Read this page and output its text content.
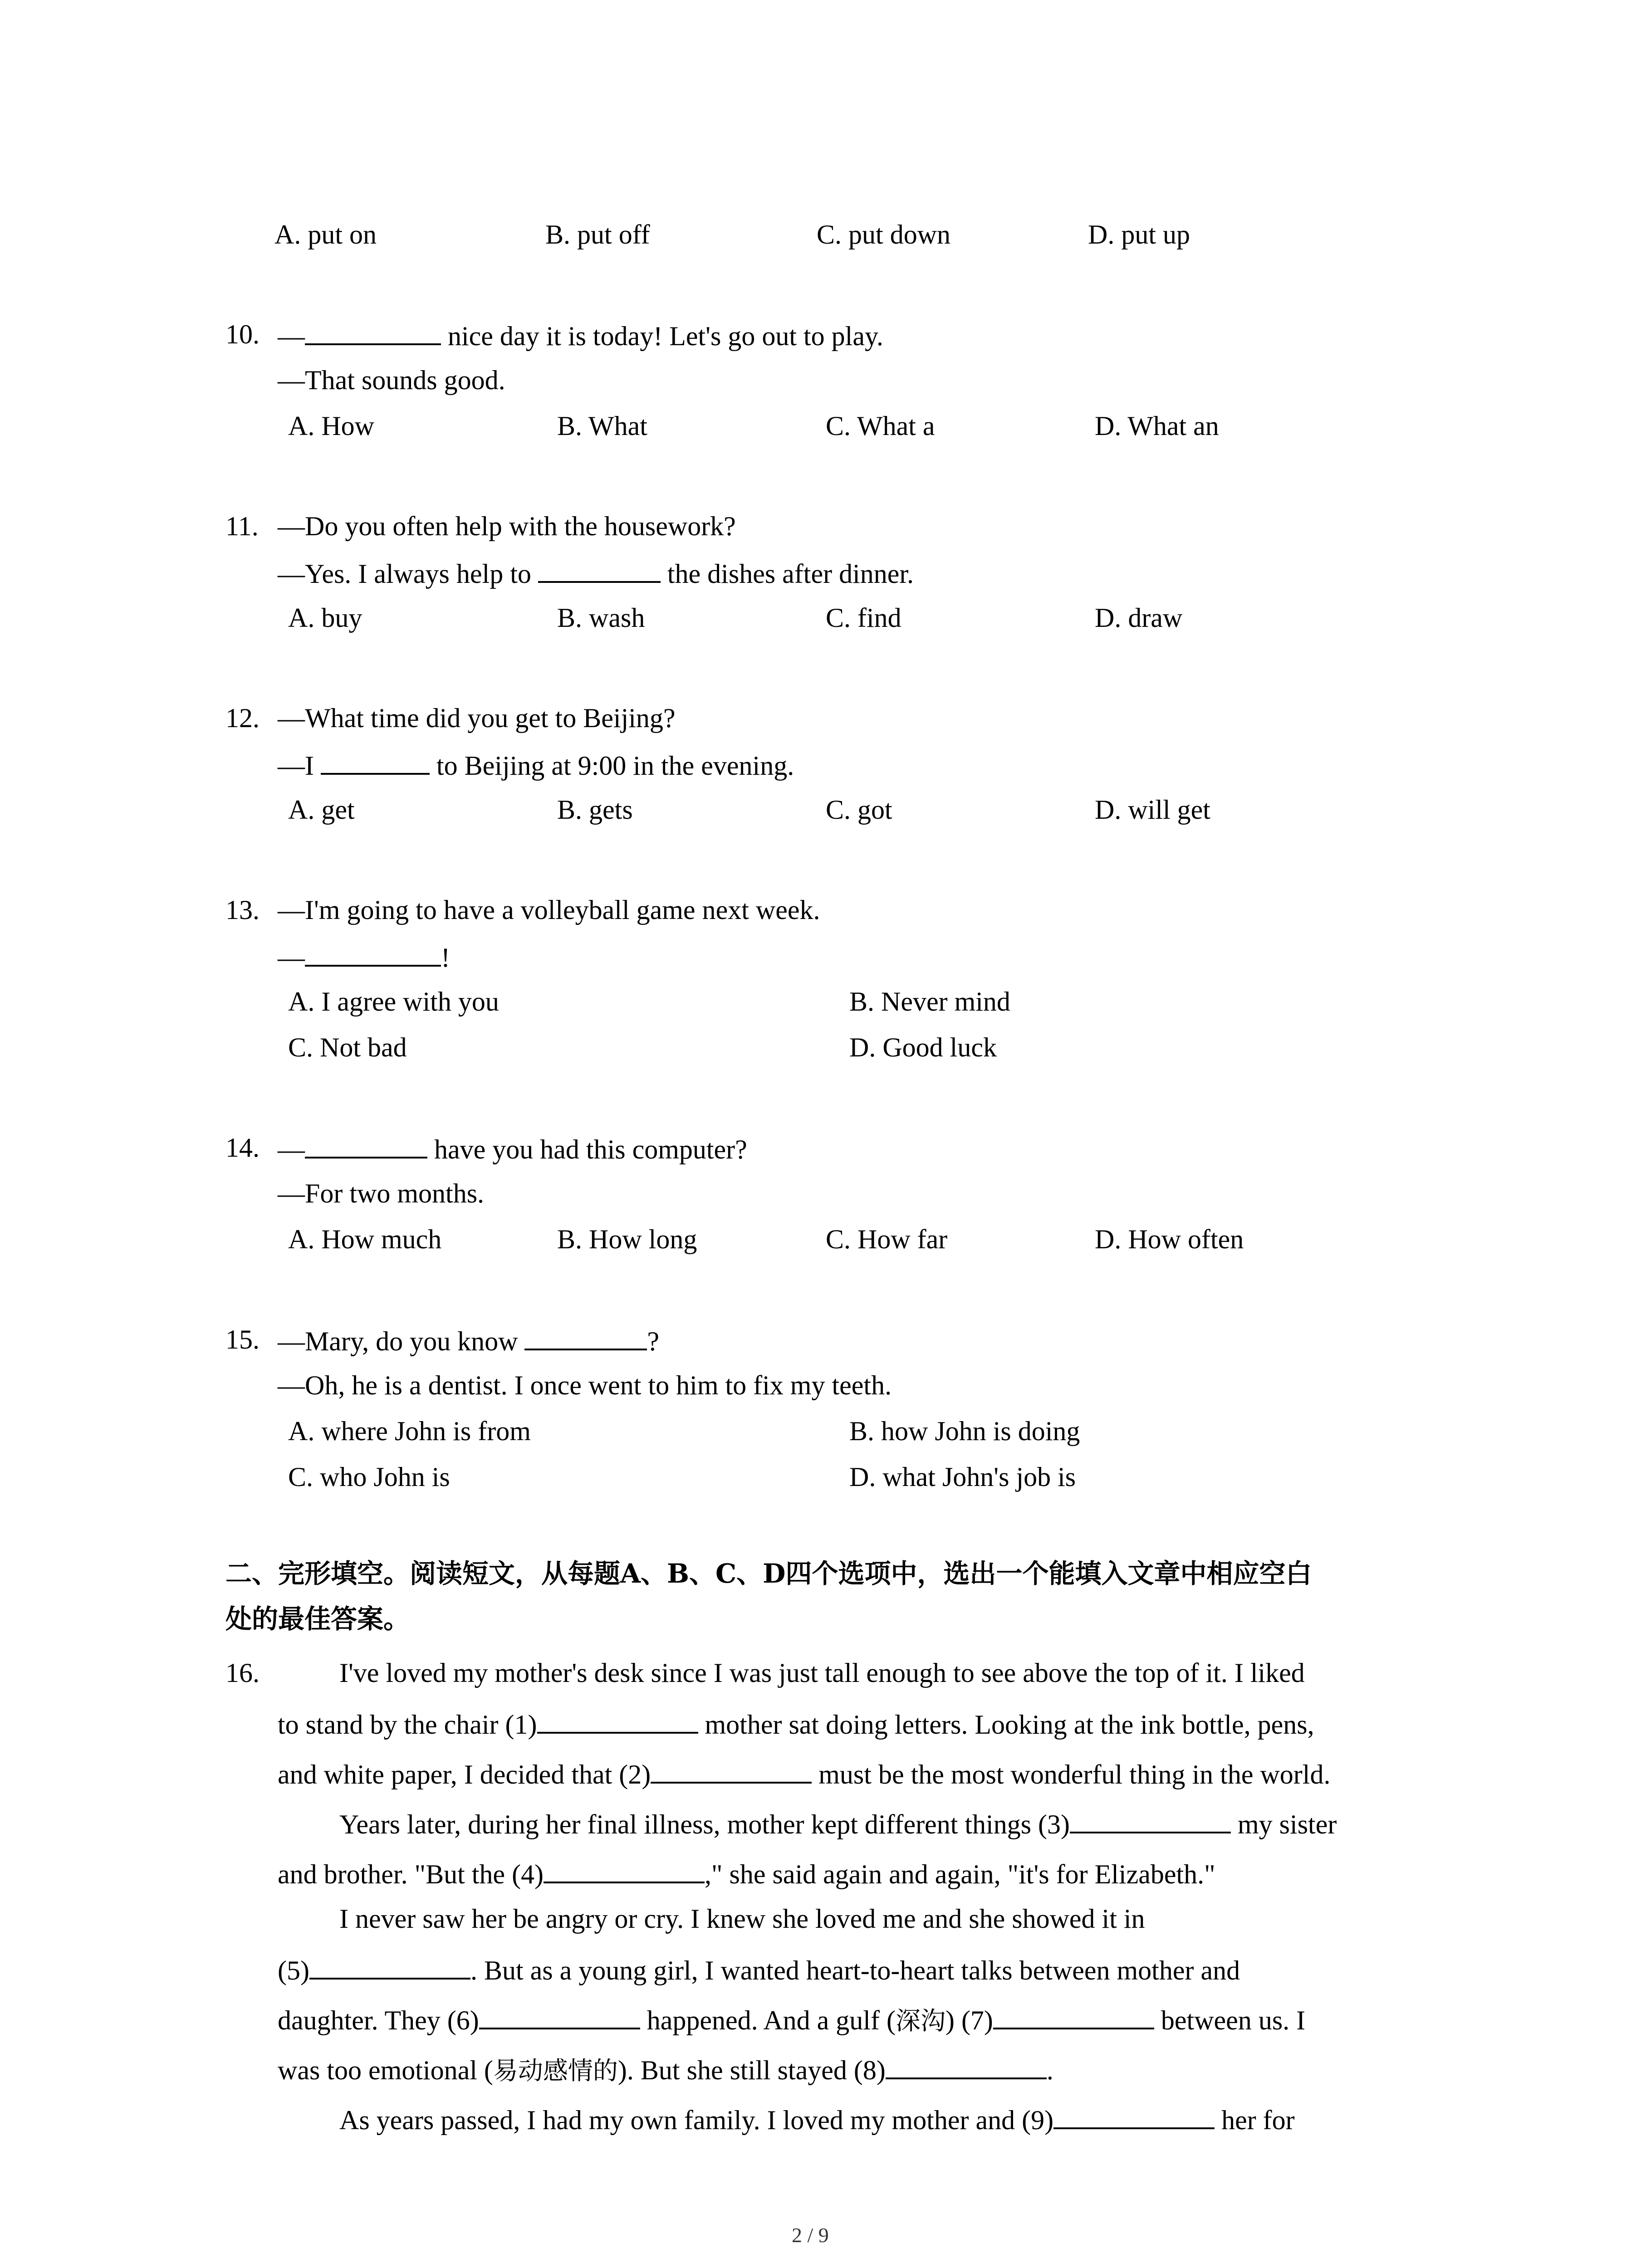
A. put on	B. put off	C. put down	D. put up
10. —	nice day it is today! Let's go out to play.
—That sounds good.
A. How	B. What	C. What a	D. What an
11. —Do you often help with the housework?
—Yes. I always help to	the dishes after dinner.
A. buy	B. wash	C. find	D. draw
12. —What time did you get to Beijing?
—I	to Beijing at 9:00 in the evening.
A. get	B. gets	C. got	D. will get
13. —I'm going to have a volleyball game next week.
—	!
A. I agree with you	B. Never mind
C. Not bad	D. Good luck
14. —	have you had this computer?
—For two months.
A. How much	B. How long	C. How far	D. How often
15. —Mary, do you know	?
—Oh, he is a dentist. I once went to him to fix my teeth.
A. where John is from	B. how John is doing
C. who John is	D. what John's job is
二、完形填空。阅读短文，从每题A、B、C、D四个选项中，选出一个能填入文章中相应空白
处的最佳答案。
16.	I've loved my mother's desk since I was just tall enough to see above the top of it. I liked
to stand by the chair (1)	mother sat doing letters. Looking at the ink bottle, pens,
and white paper, I decided that (2)	must be the most wonderful thing in the world.
Years later, during her final illness, mother kept different things (3)	my sister
and brother. "But the (4)	," she said again and again, "it's for Elizabeth."
I never saw her be angry or cry. I knew she loved me and she showed it in
(5)	. But as a young girl, I wanted heart-to-heart talks between mother and
daughter. They (6)	happened. And a gulf (深沟) (7)	between us. I
was too emotional (易动感情的). But she still stayed (8)	.
As years passed, I had my own family. I loved my mother and (9)	her for
2 / 9
